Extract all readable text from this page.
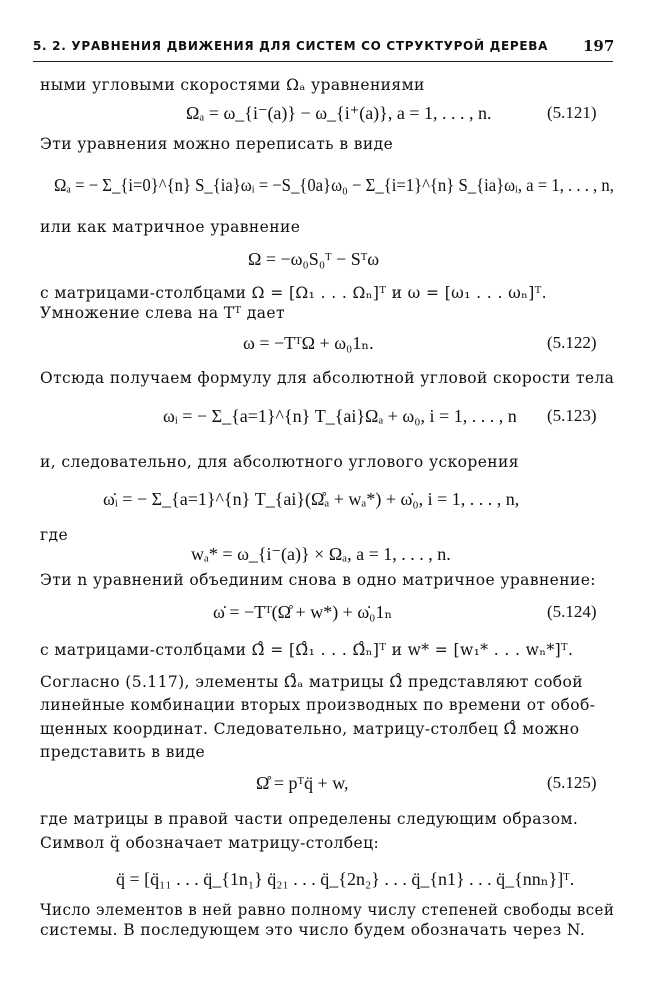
5. 2. УРАВНЕНИЯ ДВИЖЕНИЯ ДЛЯ СИСТЕМ СО СТРУКТУРОЙ ДЕРЕВА 197
ными угловыми скоростями Ωₐ уравнениями
Ωₐ = ω_{i⁻(a)} − ω_{i⁺(a)}, a = 1, . . . , n.	(5.121)
Эти уравнения можно переписать в виде
Ωₐ = − Σ_{i=0}^{n} S_{ia}ωᵢ = −S_{0a}ω₀ − Σ_{i=1}^{n} S_{ia}ωᵢ, a = 1, . . . , n,
или как матричное уравнение
Ω = −ω₀S₀ᵀ − Sᵀω
с матрицами-столбцами Ω = [Ω₁ . . . Ωₙ]ᵀ и ω = [ω₁ . . . ωₙ]ᵀ.
Умножение слева на Tᵀ дает
ω = −TᵀΩ + ω₀1ₙ.	(5.122)
Отсюда получаем формулу для абсолютной угловой скорости тела
ωᵢ = − Σ_{a=1}^{n} T_{ai}Ωₐ + ω₀, i = 1, . . . , n (5.123)
и, следовательно, для абсолютного углового ускорения
ω̇ᵢ = − Σ_{a=1}^{n} T_{ai}(Ω̊ₐ + wₐ*) + ω̇₀, i = 1, . . . , n,
где
wₐ* = ω_{i⁻(a)} × Ωₐ, a = 1, . . . , n.
Эти n уравнений объединим снова в одно матричное уравнение:
ω̇ = −Tᵀ(Ω̊ + w*) + ω̇₀1ₙ	(5.124)
с матрицами-столбцами Ω̊ = [Ω̊₁ . . . Ω̊ₙ]ᵀ и w* = [w₁* . . . wₙ*]ᵀ.
Согласно (5.117), элементы Ω̊ₐ матрицы Ω̊ представляют собой
линейные комбинации вторых производных по времени от обоб-
щенных координат. Следовательно, матрицу-столбец Ω̊ можно
представить в виде
Ω̊ = pᵀq̈ + w,	(5.125)
где матрицы в правой части определены следующим образом.
Символ q̈ обозначает матрицу-столбец:
q̈ = [q̈₁₁ . . . q̈_{1n₁} q̈₂₁ . . . q̈_{2n₂} . . . q̈_{n1} . . . q̈_{nnₙ}]ᵀ.
Число элементов в ней равно полному числу степеней свободы всей
системы. В последующем это число будем обозначать через N.
